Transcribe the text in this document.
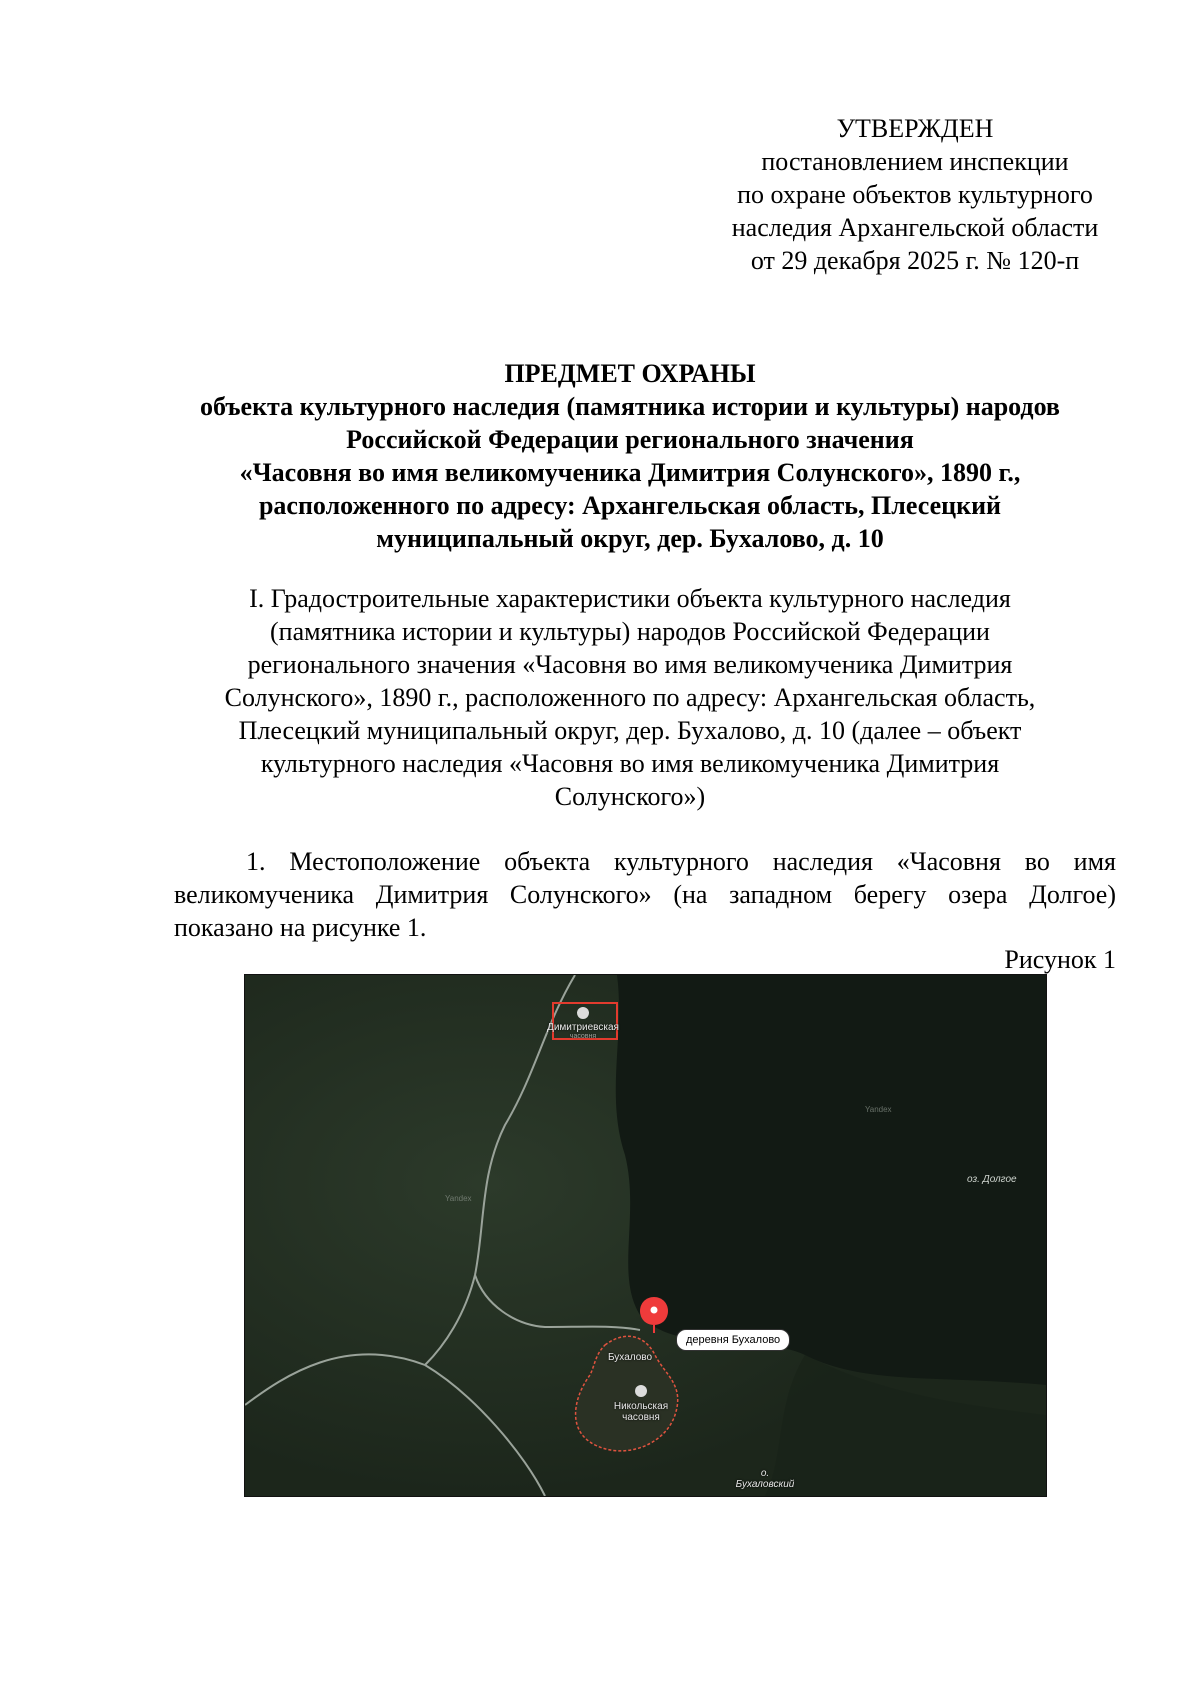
УТВЕРЖДЕН
постановлением инспекции
по охране объектов культурного
наследия Архангельской области
от 29 декабря 2025 г. № 120-п
ПРЕДМЕТ ОХРАНЫ
объекта культурного наследия (памятника истории и культуры) народов
Российской Федерации регионального значения
«Часовня во имя великомученика Димитрия Солунского», 1890 г.,
расположенного по адресу: Архангельская область, Плесецкий
муниципальный округ, дер. Бухалово, д. 10
I. Градостроительные характеристики объекта культурного наследия
(памятника истории и культуры) народов Российской Федерации
регионального значения «Часовня во имя великомученика Димитрия
Солунского», 1890 г., расположенного по адресу: Архангельская область,
Плесецкий муниципальный округ, дер. Бухалово, д. 10 (далее – объект
культурного наследия «Часовня во имя великомученика Димитрия
Солунского»)
1. Местоположение объекта культурного наследия «Часовня во имя
великомученика Димитрия Солунского» (на западном берегу озера Долгое)
показано на рисунке 1.
Рисунок 1
Димитриевская
часовня
деревня Бухалово
Бухалово
Никольская
часовня
оз. Долгое
о.
Бухаловский
Yandex
Yandex
